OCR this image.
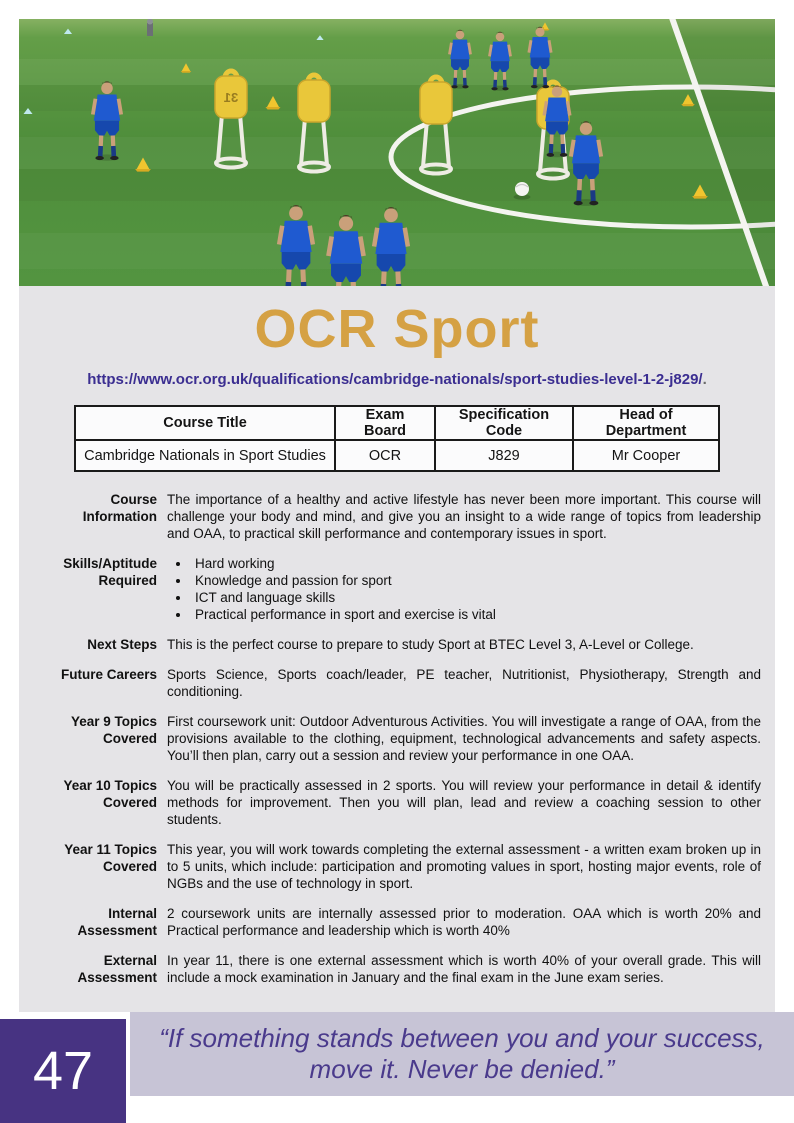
31
OCR Sport
https://www.ocr.org.uk/qualifications/cambridge-nationals/sport-studies-level-1-2-j829/.
Course Title	Exam Board	Specification Code	Head of Department
Cambridge Nationals in Sport Studies	OCR	J829	Mr Cooper
Course Information
The importance of a healthy and active lifestyle has never been more important. This course will challenge your body and mind, and give you an insight to a wide range of topics from leadership and OAA, to practical skill performance and contemporary issues in sport.
Skills/Aptitude Required
• Hard working
• Knowledge and passion for sport
• ICT and language skills
• Practical performance in sport and exercise is vital
Next Steps This is the perfect course to prepare to study Sport at BTEC Level 3, A-Level or College.
Future Careers Sports Science, Sports coach/leader, PE teacher, Nutritionist, Physiotherapy, Strength and conditioning.
Year 9 Topics Covered
First coursework unit: Outdoor Adventurous Activities. You will investigate a range of OAA, from the provisions available to the clothing, equipment, technological advancements and safety aspects. You’ll then plan, carry out a session and review your performance in one OAA.
Year 10 Topics Covered
You will be practically assessed in 2 sports. You will review your performance in detail & identify methods for improvement. Then you will plan, lead and review a coaching session to other students.
Year 11 Topics Covered
This year, you will work towards completing the external assessment - a written exam broken up in to 5 units, which include: participation and promoting values in sport, hosting major events, role of NGBs and the use of technology in sport.
Internal Assessment
2 coursework units are internally assessed prior to moderation. OAA which is worth 20% and Practical performance and leadership which is worth 40%
External Assessment
In year 11, there is one external assessment which is worth 40% of your overall grade. This will include a mock examination in January and the final exam in the June exam series.
47
“If something stands between you and your success,
move it. Never be denied.”
